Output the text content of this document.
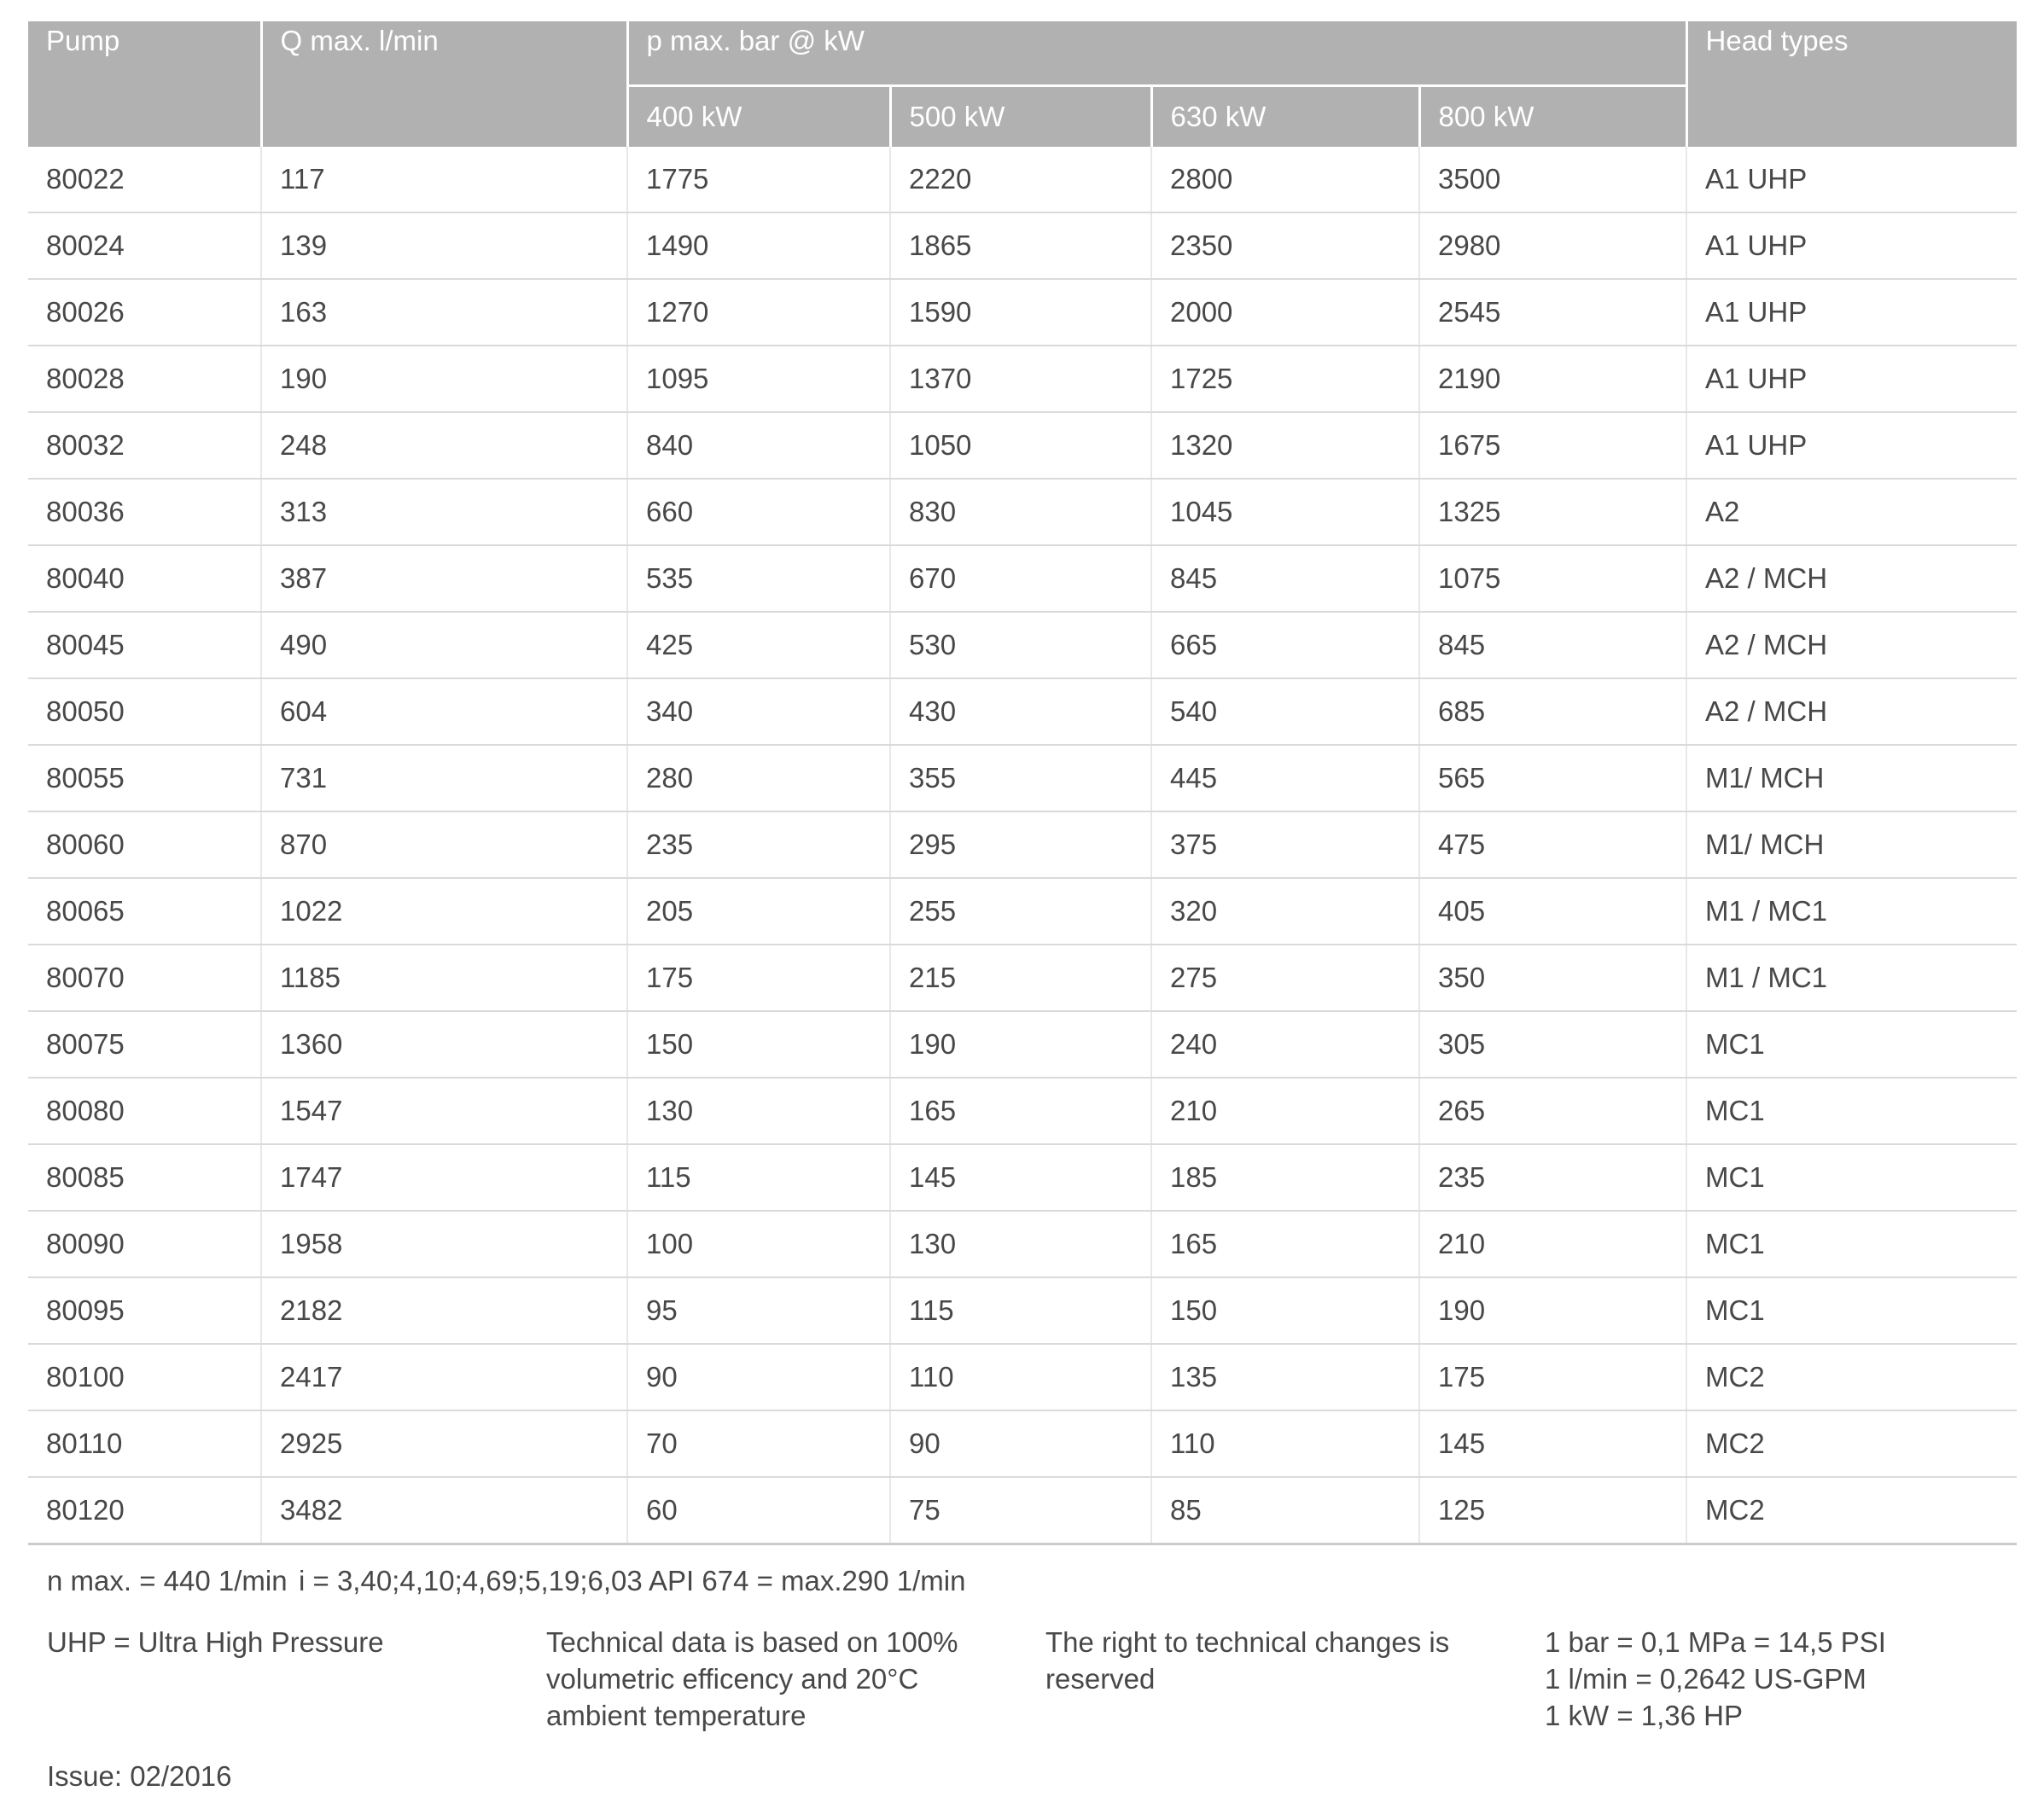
Pump	Q max. l/min	p max. bar @ kW				Head types
		400 kW	500 kW	630 kW	800 kW	
80022	117	1775	2220	2800	3500	A1 UHP
80024	139	1490	1865	2350	2980	A1 UHP
80026	163	1270	1590	2000	2545	A1 UHP
80028	190	1095	1370	1725	2190	A1 UHP
80032	248	840	1050	1320	1675	A1 UHP
80036	313	660	830	1045	1325	A2
80040	387	535	670	845	1075	A2 / MCH
80045	490	425	530	665	845	A2 / MCH
80050	604	340	430	540	685	A2 / MCH
80055	731	280	355	445	565	M1/ MCH
80060	870	235	295	375	475	M1/ MCH
80065	1022	205	255	320	405	M1 / MC1
80070	1185	175	215	275	350	M1 / MC1
80075	1360	150	190	240	305	MC1
80080	1547	130	165	210	265	MC1
80085	1747	115	145	185	235	MC1
80090	1958	100	130	165	210	MC1
80095	2182	95	115	150	190	MC1
80100	2417	90	110	135	175	MC2
80110	2925	70	90	110	145	MC2
80120	3482	60	75	85	125	MC2
n max. = 440 1/min i = 3,40;4,10;4,69;5,19;6,03 API 674 = max.290 1/min
UHP = Ultra High Pressure	Technical data is based on 100% volumetric efficency and 20°C ambient temperature
The right to technical changes is reserved
1 bar = 0,1 MPa = 14,5 PSI
1 l/min = 0,2642 US-GPM
1 kW = 1,36 HP
Issue: 02/2016
